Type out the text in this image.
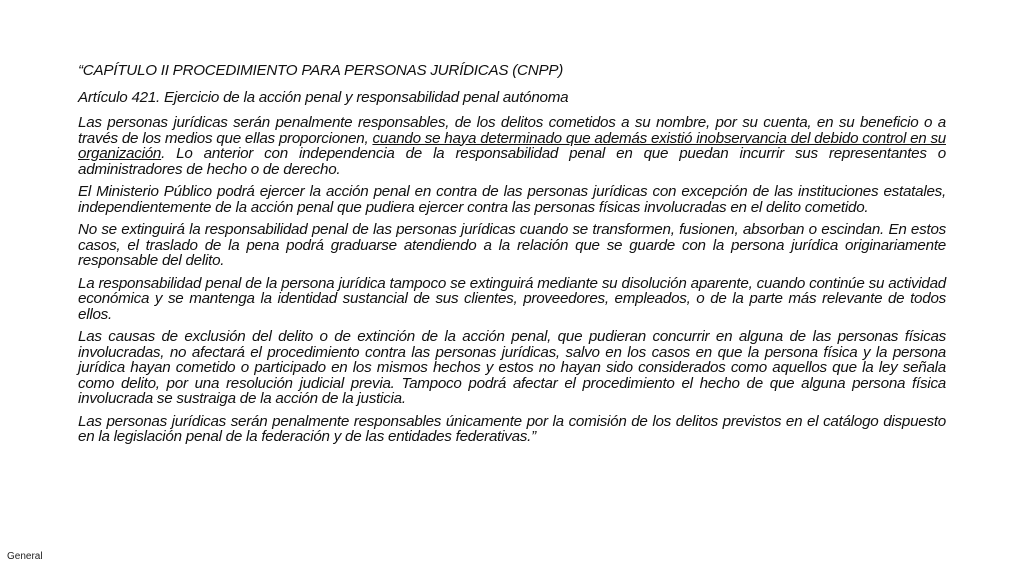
“CAPÍTULO II PROCEDIMIENTO PARA PERSONAS JURÍDICAS (CNPP)

Artículo 421. Ejercicio de la acción penal y responsabilidad penal autónoma

Las personas jurídicas serán penalmente responsables, de los delitos cometidos a su nombre, por su cuenta, en su beneficio o a través de los medios que ellas proporcionen, cuando se haya determinado que además existió inobservancia del debido control en su organización. Lo anterior con independencia de la responsabilidad penal en que puedan incurrir sus representantes o administradores de hecho o de derecho.

El Ministerio Público podrá ejercer la acción penal en contra de las personas jurídicas con excepción de las instituciones estatales, independientemente de la acción penal que pudiera ejercer contra las personas físicas involucradas en el delito cometido.

No se extinguirá la responsabilidad penal de las personas jurídicas cuando se transformen, fusionen, absorban o escindan. En estos casos, el traslado de la pena podrá graduarse atendiendo a la relación que se guarde con la persona jurídica originariamente responsable del delito.

La responsabilidad penal de la persona jurídica tampoco se extinguirá mediante su disolución aparente, cuando continúe su actividad económica y se mantenga la identidad sustancial de sus clientes, proveedores, empleados, o de la parte más relevante de todos ellos.

Las causas de exclusión del delito o de extinción de la acción penal, que pudieran concurrir en alguna de las personas físicas involucradas, no afectará el procedimiento contra las personas jurídicas, salvo en los casos en que la persona física y la persona jurídica hayan cometido o participado en los mismos hechos y estos no hayan sido considerados como aquellos que la ley señala como delito, por una resolución judicial previa. Tampoco podrá afectar el procedimiento el hecho de que alguna persona física involucrada se sustraiga de la acción de la justicia.

Las personas jurídicas serán penalmente responsables únicamente por la comisión de los delitos previstos en el catálogo dispuesto en la legislación penal de la federación y de las entidades federativas.”

General
